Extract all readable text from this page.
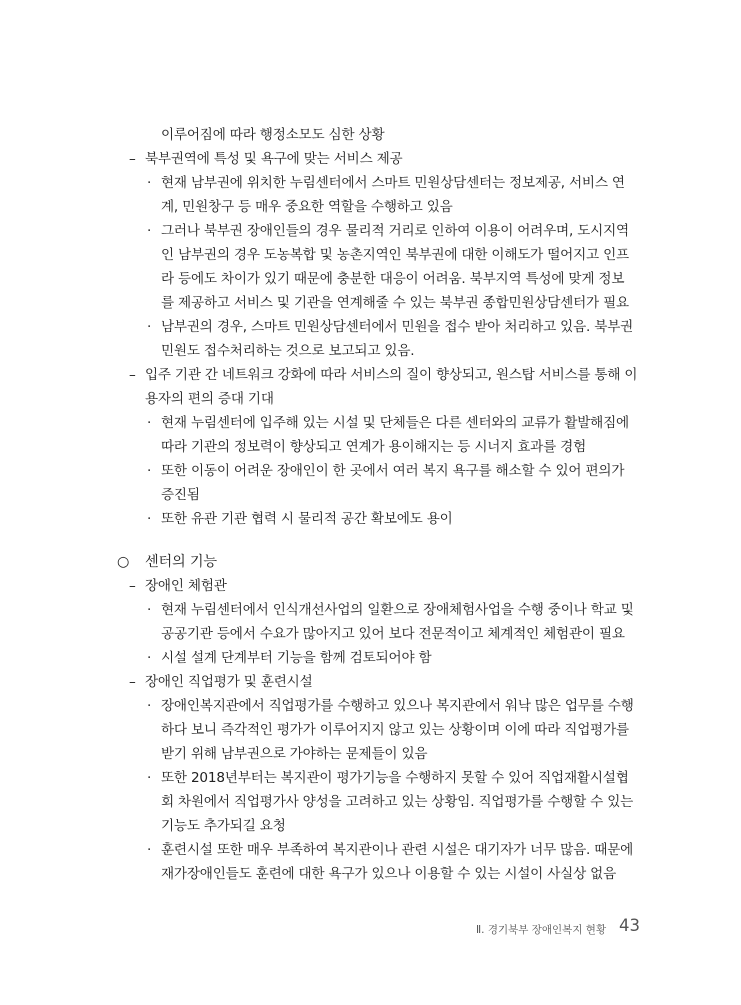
이루어짐에 따라 행정소모도 심한 상황
– 북부권역에 특성 및 욕구에 맞는 서비스 제공
· 현재 남부권에 위치한 누림센터에서 스마트 민원상담센터는 정보제공, 서비스 연
계, 민원창구 등 매우 중요한 역할을 수행하고 있음
· 그러나 북부권 장애인들의 경우 물리적 거리로 인하여 이용이 어려우며, 도시지역
인 남부권의 경우 도농복합 및 농촌지역인 북부권에 대한 이해도가 떨어지고 인프
라 등에도 차이가 있기 때문에 충분한 대응이 어려움. 북부지역 특성에 맞게 정보
를 제공하고 서비스 및 기관을 연계해줄 수 있는 북부권 종합민원상담센터가 필요
· 남부권의 경우, 스마트 민원상담센터에서 민원을 접수 받아 처리하고 있음. 북부권
민원도 접수처리하는 것으로 보고되고 있음.
– 입주 기관 간 네트워크 강화에 따라 서비스의 질이 향상되고, 원스탑 서비스를 통해 이
용자의 편의 증대 기대
· 현재 누림센터에 입주해 있는 시설 및 단체들은 다른 센터와의 교류가 활발해짐에
따라 기관의 정보력이 향상되고 연계가 용이해지는 등 시너지 효과를 경험
· 또한 이동이 어려운 장애인이 한 곳에서 여러 복지 욕구를 해소할 수 있어 편의가
증진됨
· 또한 유관 기관 협력 시 물리적 공간 확보에도 용이
○ 센터의 기능
– 장애인 체험관
· 현재 누림센터에서 인식개선사업의 일환으로 장애체험사업을 수행 중이나 학교 및
공공기관 등에서 수요가 많아지고 있어 보다 전문적이고 체계적인 체험관이 필요
· 시설 설계 단계부터 기능을 함께 검토되어야 함
– 장애인 직업평가 및 훈련시설
· 장애인복지관에서 직업평가를 수행하고 있으나 복지관에서 워낙 많은 업무를 수행
하다 보니 즉각적인 평가가 이루어지지 않고 있는 상황이며 이에 따라 직업평가를
받기 위해 남부권으로 가야하는 문제들이 있음
· 또한 2018년부터는 복지관이 평가기능을 수행하지 못할 수 있어 직업재활시설협
회 차원에서 직업평가사 양성을 고려하고 있는 상황임. 직업평가를 수행할 수 있는
기능도 추가되길 요청
· 훈련시설 또한 매우 부족하여 복지관이나 관련 시설은 대기자가 너무 많음. 때문에
재가장애인들도 훈련에 대한 욕구가 있으나 이용할 수 있는 시설이 사실상 없음
Ⅱ. 경기북부 장애인복지 현황 43
